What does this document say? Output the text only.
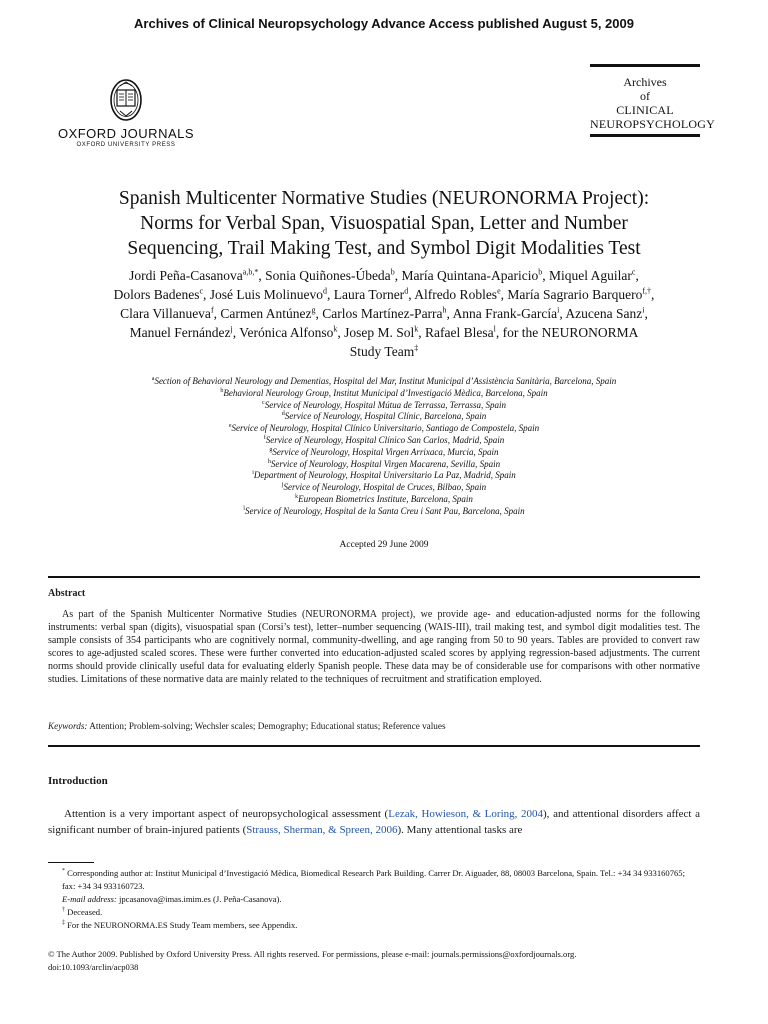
Archives of Clinical Neuropsychology Advance Access published August 5, 2009
OXFORD JOURNALS
OXFORD UNIVERSITY PRESS
Archives
of
CLINICAL
NEUROPSYCHOLOGY
Spanish Multicenter Normative Studies (NEURONORMA Project):
Norms for Verbal Span, Visuospatial Span, Letter and Number
Sequencing, Trail Making Test, and Symbol Digit Modalities Test
Jordi Peña-Casanova$^{a,b,*}$, Sonia Quiñones-Úbeda$^b$, María Quintana-Aparicio$^b$, Miquel Aguilar$^c$,
Dolors Badenes$^c$, José Luis Molinuevo$^d$, Laura Torner$^d$, Alfredo Robles$^e$, María Sagrario Barquero$^{f,\dagger}$,
Clara Villanueva$^f$, Carmen Antúnez$^g$, Carlos Martínez-Parra$^h$, Anna Frank-García$^i$, Azucena Sanz$^i$,
Manuel Fernández$^j$, Verónica Alfonso$^k$, Josep M. Sol$^k$, Rafael Blesa$^l$, for the NEURONORMA
Study Team‡
$^a$Section of Behavioral Neurology and Dementias, Hospital del Mar, Institut Municipal d’Assistència Sanitària, Barcelona, Spain
$^b$Behavioral Neurology Group, Institut Municipal d’Investigació Mèdica, Barcelona, Spain
$^c$Service of Neurology, Hospital Mútua de Terrassa, Terrassa, Spain
$^d$Service of Neurology, Hospital Clínic, Barcelona, Spain
$^e$Service of Neurology, Hospital Clínico Universitario, Santiago de Compostela, Spain
$^f$Service of Neurology, Hospital Clínico San Carlos, Madrid, Spain
$^g$Service of Neurology, Hospital Virgen Arrixaca, Murcia, Spain
$^h$Service of Neurology, Hospital Virgen Macarena, Sevilla, Spain
$^i$Department of Neurology, Hospital Universitario La Paz, Madrid, Spain
$^j$Service of Neurology, Hospital de Cruces, Bilbao, Spain
$^k$European Biometrics Institute, Barcelona, Spain
$^l$Service of Neurology, Hospital de la Santa Creu i Sant Pau, Barcelona, Spain
Accepted 29 June 2009
Abstract
As part of the Spanish Multicenter Normative Studies (NEURONORMA project), we provide age- and education-adjusted norms for the following instruments: verbal span (digits), visuospatial span (Corsi’s test), letter–number sequencing (WAIS-III), trail making test, and symbol digit modalities test. The sample consists of 354 participants who are cognitively normal, community-dwelling, and age ranging from 50 to 90 years. Tables are provided to convert raw scores to age-adjusted scaled scores. These were further converted into education-adjusted scaled scores by applying regression-based adjustments. The current norms should provide clinically useful data for evaluating elderly Spanish people. These data may be of considerable use for comparisons with other normative studies. Limitations of these normative data are mainly related to the techniques of recruitment and stratification employed.
Keywords: Attention; Problem-solving; Wechsler scales; Demography; Educational status; Reference values
Introduction
Attention is a very important aspect of neuropsychological assessment (Lezak, Howieson, & Loring, 2004), and attentional disorders affect a significant number of brain-injured patients (Strauss, Sherman, & Spreen, 2006). Many attentional tasks are
* Corresponding author at: Institut Municipal d’Investigació Mèdica, Biomedical Research Park Building. Carrer Dr. Aiguader, 88, 08003 Barcelona, Spain. Tel.: +34 34 933160765; fax: +34 34 933160723.
E-mail address: jpcasanova@imas.imim.es (J. Peña-Casanova).
† Deceased.
‡ For the NEURONORMA.ES Study Team members, see Appendix.
© The Author 2009. Published by Oxford University Press. All rights reserved. For permissions, please e-mail: journals.permissions@oxfordjournals.org.
doi:10.1093/arclin/acp038
